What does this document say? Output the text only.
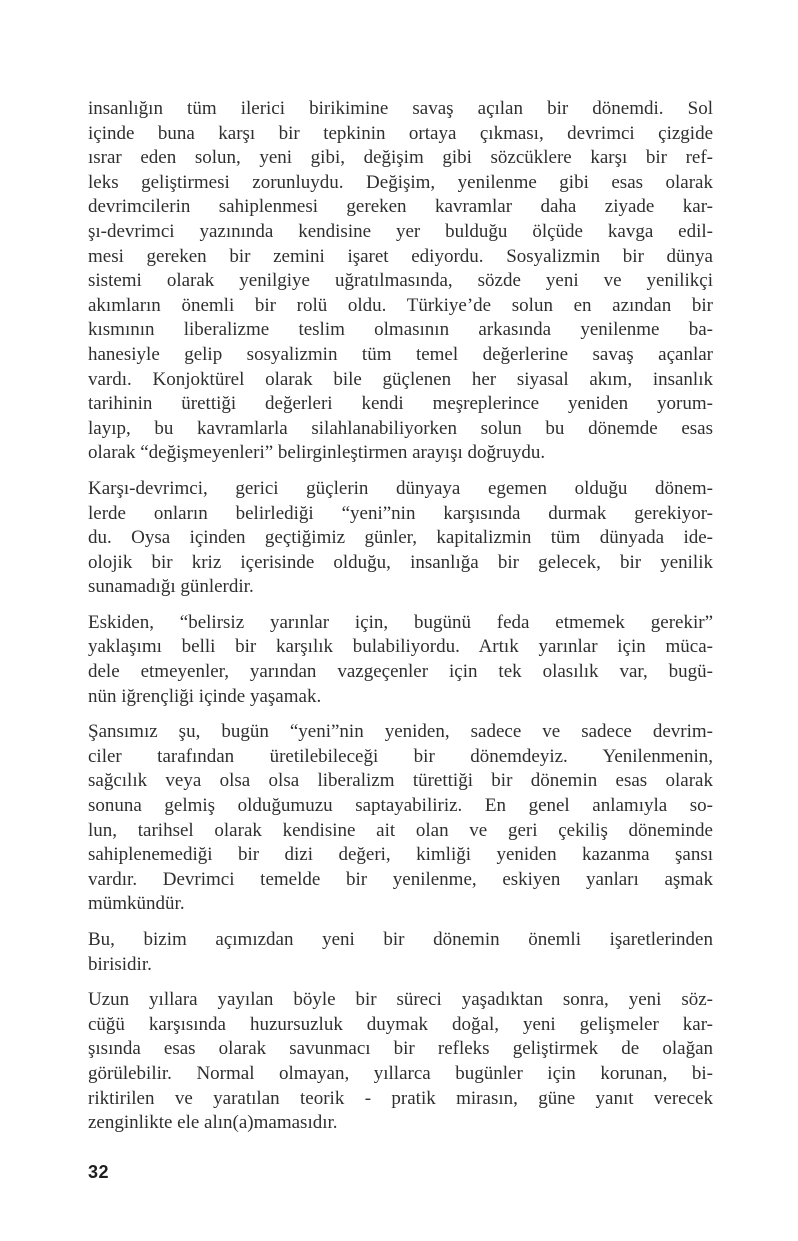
insanlığın tüm ilerici birikimine savaş açılan bir dönemdi. Sol
içinde buna karşı bir tepkinin ortaya çıkması, devrimci çizgide
ısrar eden solun, yeni gibi, değişim gibi sözcüklere karşı bir ref-
leks geliştirmesi zorunluydu. Değişim, yenilenme gibi esas olarak
devrimcilerin sahiplenmesi gereken kavramlar daha ziyade kar-
şı-devrimci yazınında kendisine yer bulduğu ölçüde kavga edil-
mesi gereken bir zemini işaret ediyordu. Sosyalizmin bir dünya
sistemi olarak yenilgiye uğratılmasında, sözde yeni ve yenilikçi
akımların önemli bir rolü oldu. Türkiye’de solun en azından bir
kısmının liberalizme teslim olmasının arkasında yenilenme ba-
hanesiyle gelip sosyalizmin tüm temel değerlerine savaş açanlar
vardı. Konjoktürel olarak bile güçlenen her siyasal akım, insanlık
tarihinin ürettiği değerleri kendi meşreplerince yeniden yorum-
layıp, bu kavramlarla silahlanabiliyorken solun bu dönemde esas
olarak “değişmeyenleri” belirginleştirmen arayışı doğruydu.

Karşı-devrimci, gerici güçlerin dünyaya egemen olduğu dönem-
lerde onların belirlediği “yeni”nin karşısında durmak gerekiyor-
du. Oysa içinden geçtiğimiz günler, kapitalizmin tüm dünyada ide-
olojik bir kriz içerisinde olduğu, insanlığa bir gelecek, bir yenilik
sunamadığı günlerdir.

Eskiden, “belirsiz yarınlar için, bugünü feda etmemek gerekir”
yaklaşımı belli bir karşılık bulabiliyordu. Artık yarınlar için müca-
dele etmeyenler, yarından vazgeçenler için tek olasılık var, bugü-
nün iğrençliği içinde yaşamak.

Şansımız şu, bugün “yeni”nin yeniden, sadece ve sadece devrim-
ciler tarafından üretilebileceği bir dönemdeyiz. Yenilenmenin,
sağcılık veya olsa olsa liberalizm türettiği bir dönemin esas olarak
sonuna gelmiş olduğumuzu saptayabiliriz. En genel anlamıyla so-
lun, tarihsel olarak kendisine ait olan ve geri çekiliş döneminde
sahiplenemediği bir dizi değeri, kimliği yeniden kazanma şansı
vardır. Devrimci temelde bir yenilenme, eskiyen yanları aşmak
mümkündür.

Bu, bizim açımızdan yeni bir dönemin önemli işaretlerinden
birisidir.

Uzun yıllara yayılan böyle bir süreci yaşadıktan sonra, yeni söz-
cüğü karşısında huzursuzluk duymak doğal, yeni gelişmeler kar-
şısında esas olarak savunmacı bir refleks geliştirmek de olağan
görülebilir. Normal olmayan, yıllarca bugünler için korunan, bi-
riktirilen ve yaratılan teorik - pratik mirasın, güne yanıt verecek
zenginlikte ele alın(a)mamasıdır.

32
